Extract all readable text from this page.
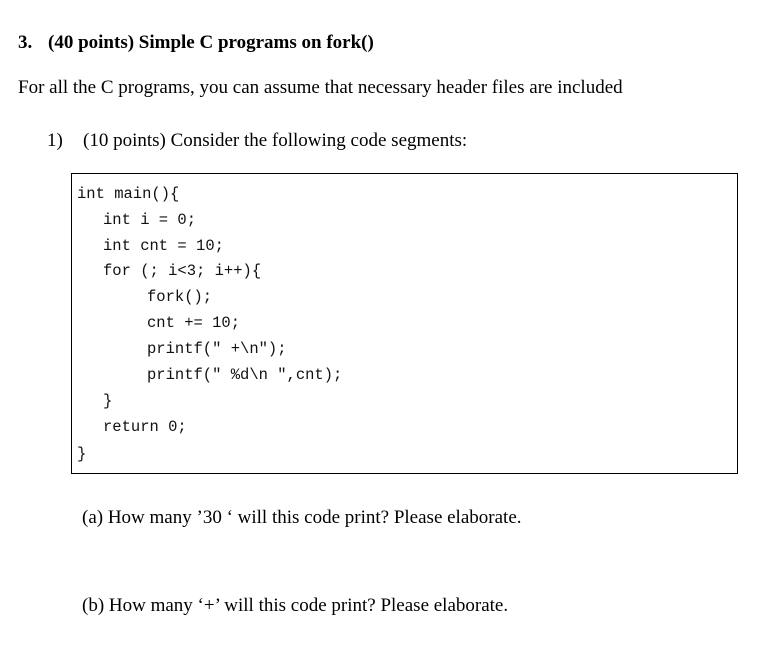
3. (40 points) Simple C programs on fork()

For all the C programs, you can assume that necessary header files are included

1) (10 points) Consider the following code segments:
int main(){
int i = 0;
int cnt = 10;
for (; i<3; i++){
fork();
cnt += 10;
printf(" +\n");
printf(" %d\n ",cnt);
}
return 0;
}

(a) How many ’30 ‘ will this code print? Please elaborate.

(b) How many ‘+’ will this code print? Please elaborate.
